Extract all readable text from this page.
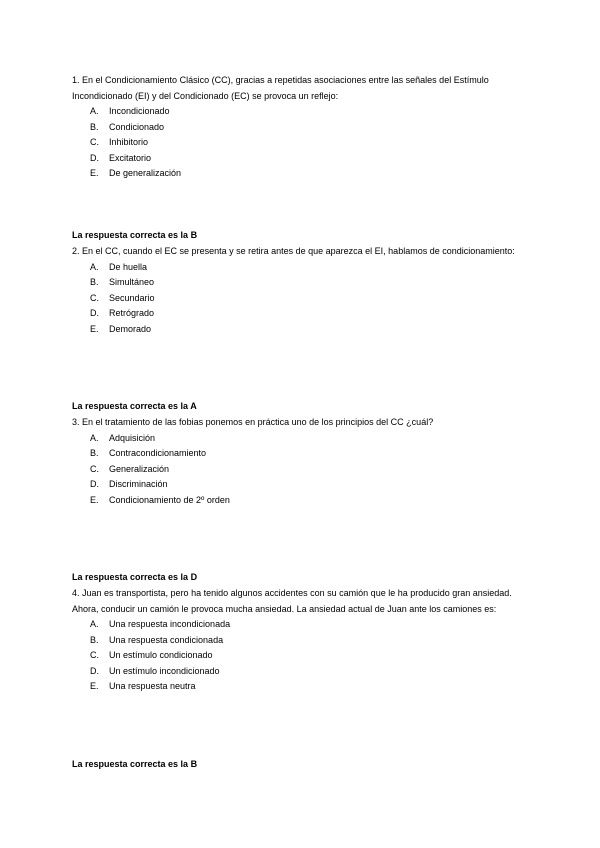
1. En el Condicionamiento Clásico (CC), gracias a repetidas asociaciones entre las señales del Estímulo Incondicionado (EI) y del Condicionado (EC) se provoca un reflejo:

A.	Incondicionado
B.	Condicionado
C.	Inhibitorio
D.	Excitatorio
E.	De generalización

La respuesta correcta es la B

2. En el CC, cuando el EC se presenta y se retira antes de que aparezca el EI, hablamos de condicionamiento:

A.	De huella
B.	Simultáneo
C.	Secundario
D.	Retrógrado
E.	Demorado

La respuesta correcta es la A

3. En el tratamiento de las fobias ponemos en práctica uno de los principios del CC ¿cuál?

A.	Adquisición
B.	Contracondicionamiento
C.	Generalización
D.	Discriminación
E.	Condicionamiento de 2º orden

La respuesta correcta es la D

4. Juan es transportista, pero ha tenido algunos accidentes con su camión que le ha producido gran ansiedad. Ahora, conducir un camión le provoca mucha ansiedad. La ansiedad actual de Juan ante los camiones es:

A.	Una respuesta incondicionada
B.	Una respuesta condicionada
C.	Un estímulo condicionado
D.	Un estímulo incondicionado
E.	Una respuesta neutra

La respuesta correcta es la B
